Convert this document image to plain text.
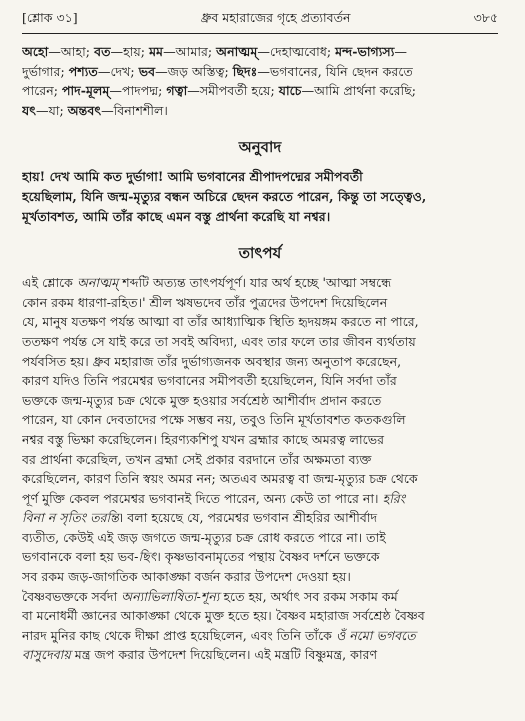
[শ্লোক ৩১]	ধ্রুব মহারাজের গৃহে প্রত্যাবর্তন	৩৮৫
অহো—আহা; বত—হায়; মম—আমার; অনাত্মম্—দেহাত্মবোধ; মন্দ-ভাগ্যস্য—
দুর্ভাগার; পশ্যত—দেখ; ভব—জড় অস্তিত্ব; ছিদঃ—ভগবানের, যিনি ছেদন করতে
পারেন; পাদ-মূলম্—পাদপদ্ম; গত্বা—সমীপবর্তী হয়ে; যাচে—আমি প্রার্থনা করেছি;
যৎ—যা; অন্তবৎ—বিনাশশীল।
অনুবাদ
হায়! দেখ আমি কত দুর্ভাগা! আমি ভগবানের শ্রীপাদপদ্মের সমীপবর্তী
হয়েছিলাম, যিনি জন্ম-মৃত্যুর বন্ধন অচিরে ছেদন করতে পারেন, কিন্তু তা সত্ত্বেও,
মূর্খতাবশত, আমি তাঁর কাছে এমন বস্তু প্রার্থনা করেছি যা নশ্বর।
তাৎপর্য
এই শ্লোকে অনাত্মম্ শব্দটি অত্যন্ত তাৎপর্যপূর্ণ। যার অর্থ হচ্ছে 'আত্মা সম্বন্ধে
কোন রকম ধারণা-রহিত।' শ্রীল ঋষভদেব তাঁর পুত্রদের উপদেশ দিয়েছিলেন
যে, মানুষ যতক্ষণ পর্যন্ত আত্মা বা তাঁর আধ্যাত্মিক স্থিতি হৃদয়ঙ্গম করতে না পারে,
ততক্ষণ পর্যন্ত সে যাই করে তা সবই অবিদ্যা, এবং তার ফলে তার জীবন ব্যর্থতায়
পর্যবসিত হয়। ধ্রুব মহারাজ তাঁর দুর্ভাগ্যজনক অবস্থার জন্য অনুতাপ করেছেন,
কারণ যদিও তিনি পরমেশ্বর ভগবানের সমীপবর্তী হয়েছিলেন, যিনি সর্বদা তাঁর
ভক্তকে জন্ম-মৃত্যুর চক্র থেকে মুক্ত হওয়ার সর্বশ্রেষ্ঠ আশীর্বাদ প্রদান করতে
পারেন, যা কোন দেবতাদের পক্ষে সম্ভব নয়, তবুও তিনি মূর্খতাবশত কতকগুলি
নশ্বর বস্তু ভিক্ষা করেছিলেন। হিরণ্যকশিপু যখন ব্রহ্মার কাছে অমরত্ব লাভের
বর প্রার্থনা করেছিল, তখন ব্রহ্মা সেই প্রকার বরদানে তাঁর অক্ষমতা ব্যক্ত
করেছিলেন, কারণ তিনি স্বয়ং অমর নন; অতএব অমরত্ব বা জন্ম-মৃত্যুর চক্র থেকে
পূর্ণ মুক্তি কেবল পরমেশ্বর ভগবানই দিতে পারেন, অন্য কেউ তা পারে না। হরিং
বিনা ন সৃতিং তরন্তি। বলা হয়েছে যে, পরমেশ্বর ভগবান শ্রীহরির আশীর্বাদ
ব্যতীত, কেউই এই জড় জগতে জন্ম-মৃত্যুর চক্র রোধ করতে পারে না। তাই
ভগবানকে বলা হয় ভব-ছিৎ। কৃষ্ণভাবনামৃতের পন্থায় বৈষ্ণব দর্শনে ভক্তকে
সব রকম জড়-জাগতিক আকাঙ্ক্ষা বর্জন করার উপদেশ দেওয়া হয়।
বৈষ্ণবভক্তকে সর্বদা অন্যাভিলাষিতা-শূন্য হতে হয়, অর্থাৎ সব রকম সকাম কর্ম
বা মনোধর্মী জ্ঞানের আকাঙ্ক্ষা থেকে মুক্ত হতে হয়। বৈষ্ণব মহারাজ সর্বশ্রেষ্ঠ বৈষ্ণব
নারদ মুনির কাছ থেকে দীক্ষা প্রাপ্ত হয়েছিলেন, এবং তিনি তাঁকে ওঁ নমো ভগবতে
বাসুদেবায় মন্ত্র জপ করার উপদেশ দিয়েছিলেন। এই মন্ত্রটি বিষ্ণুমন্ত্র, কারণ
